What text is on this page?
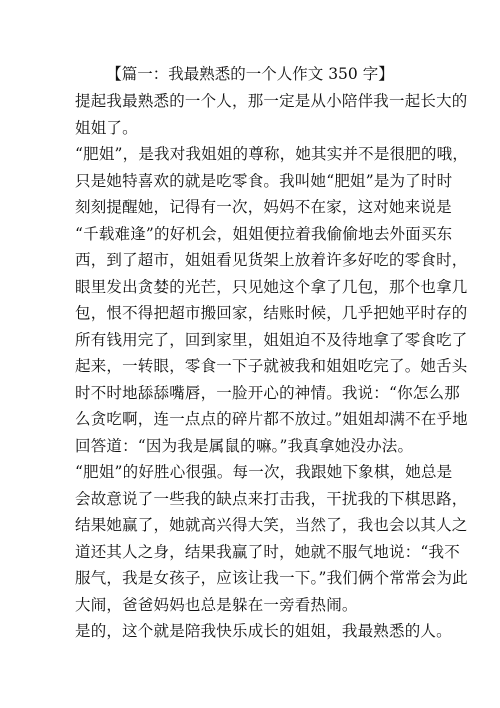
【篇一：我最熟悉的一个人作文 350 字】
提起我最熟悉的一个人，那一定是从小陪伴我一起长大的
姐姐了。
“肥姐”，是我对我姐姐的尊称，她其实并不是很肥的哦，
只是她特喜欢的就是吃零食。我叫她“肥姐”是为了时时
刻刻提醒她，记得有一次，妈妈不在家，这对她来说是
“千载难逢”的好机会，姐姐便拉着我偷偷地去外面买东
西，到了超市，姐姐看见货架上放着许多好吃的零食时，
眼里发出贪婪的光芒，只见她这个拿了几包，那个也拿几
包，恨不得把超市搬回家，结账时候，几乎把她平时存的
所有钱用完了，回到家里，姐姐迫不及待地拿了零食吃了
起来，一转眼，零食一下子就被我和姐姐吃完了。她舌头
时不时地舔舔嘴唇，一脸开心的神情。我说：“你怎么那
么贪吃啊，连一点点的碎片都不放过。”姐姐却满不在乎地
回答道：“因为我是属鼠的嘛。”我真拿她没办法。
“肥姐”的好胜心很强。每一次，我跟她下象棋，她总是
会故意说了一些我的缺点来打击我，干扰我的下棋思路，
结果她赢了，她就高兴得大笑，当然了，我也会以其人之
道还其人之身，结果我赢了时，她就不服气地说：“我不
服气，我是女孩子，应该让我一下。”我们俩个常常会为此
大闹，爸爸妈妈也总是躲在一旁看热闹。
是的，这个就是陪我快乐成长的姐姐，我最熟悉的人。
